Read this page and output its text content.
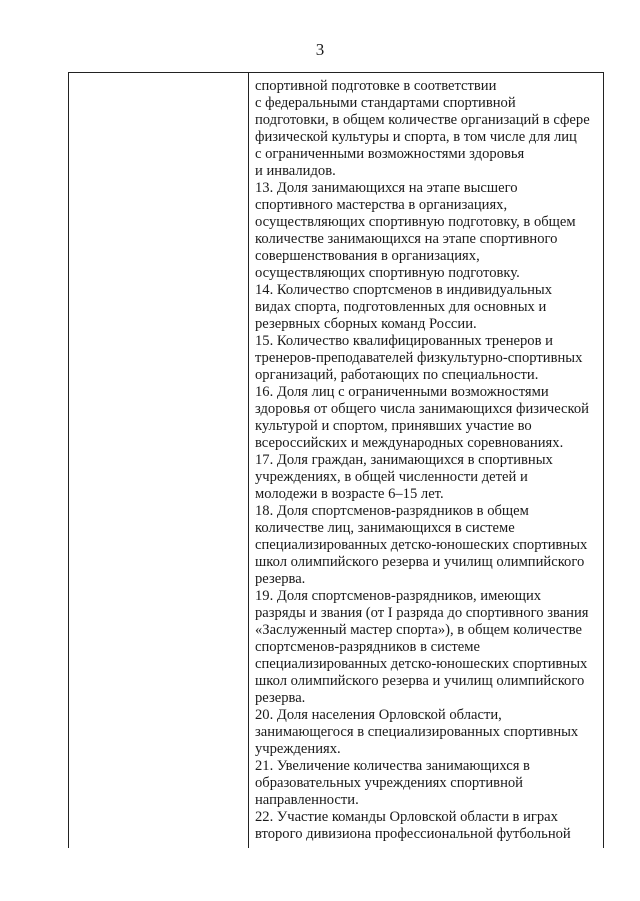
3
спортивной подготовке в соответствии
с федеральными стандартами спортивной
подготовки, в общем количестве организаций в сфере
физической культуры и спорта, в том числе для лиц
с ограниченными возможностями здоровья
и инвалидов.
13. Доля занимающихся на этапе высшего
спортивного мастерства в организациях,
осуществляющих спортивную подготовку, в общем
количестве занимающихся на этапе спортивного
совершенствования в организациях,
осуществляющих спортивную подготовку.
14. Количество спортсменов в индивидуальных
видах спорта, подготовленных для основных и
резервных сборных команд России.
15. Количество квалифицированных тренеров и
тренеров-преподавателей физкультурно-спортивных
организаций, работающих по специальности.
16. Доля лиц с ограниченными возможностями
здоровья от общего числа занимающихся физической
культурой и спортом, принявших участие во
всероссийских и международных соревнованиях.
17. Доля граждан, занимающихся в спортивных
учреждениях, в общей численности детей и
молодежи в возрасте 6–15 лет.
18. Доля спортсменов-разрядников в общем
количестве лиц, занимающихся в системе
специализированных детско-юношеских спортивных
школ олимпийского резерва и училищ олимпийского
резерва.
19. Доля спортсменов-разрядников, имеющих
разряды и звания (от I разряда до спортивного звания
«Заслуженный мастер спорта»), в общем количестве
спортсменов-разрядников в системе
специализированных детско-юношеских спортивных
школ олимпийского резерва и училищ олимпийского
резерва.
20. Доля населения Орловской области,
занимающегося в специализированных спортивных
учреждениях.
21. Увеличение количества занимающихся в
образовательных учреждениях спортивной
направленности.
22. Участие команды Орловской области в играх
второго дивизиона профессиональной футбольной
